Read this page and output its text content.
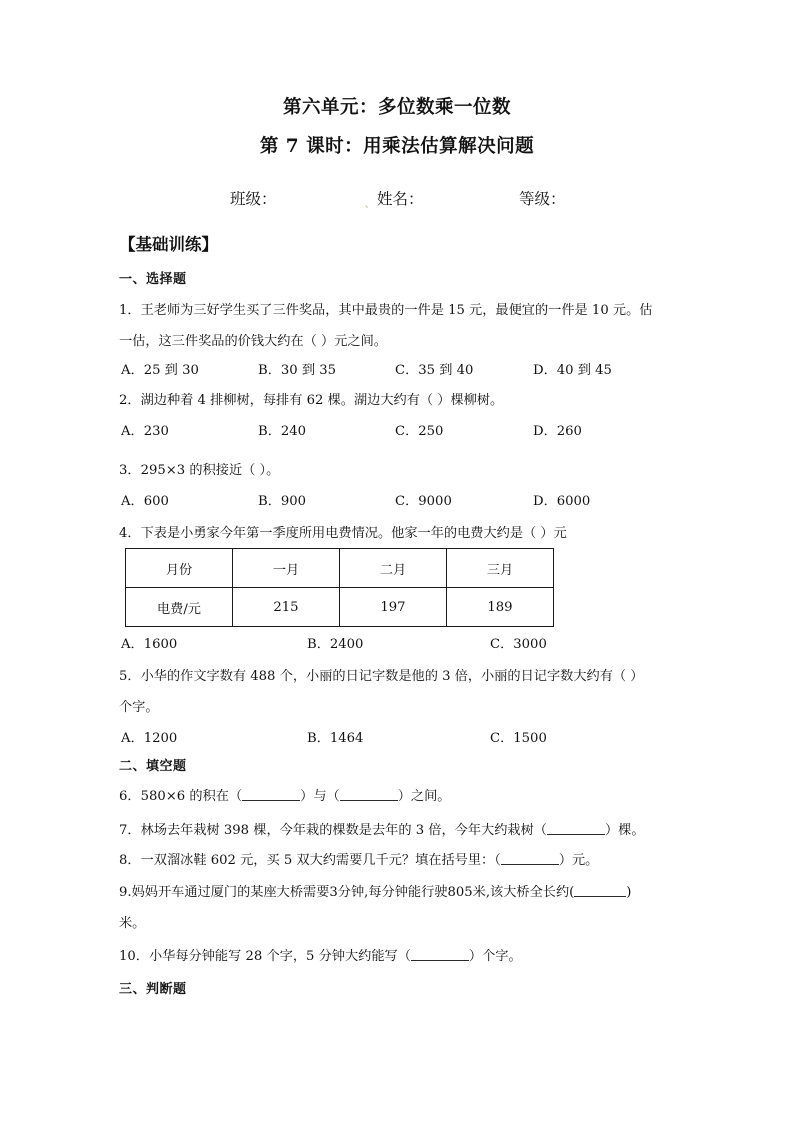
第六单元：多位数乘一位数
第 7 课时：用乘法估算解决问题
班级：	、 姓名：	等级：
【基础训练】
一、选择题
1．王老师为三好学生买了三件奖品，其中最贵的一件是 15 元，最便宜的一件是 10 元。估
一估，这三件奖品的价钱大约在（ ）元之间。
A．25 到 30	B．30 到 35	C．35 到 40	D．40 到 45
2．湖边种着 4 排柳树，每排有 62 棵。湖边大约有（ ）棵柳树。
A．230	B．240	C．250	D．260
3．295×3 的积接近（ ）。
A．600	B．900	C．9000	D．6000
4．下表是小勇家今年第一季度所用电费情况。他家一年的电费大约是（ ）元
月份	一月	二月	三月
电费/元	215	197	189
A．1600	B．2400	C．3000
5．小华的作文字数有 488 个，小丽的日记字数是他的 3 倍，小丽的日记字数大约有（ ）
个字。
A．1200	B．1464	C．1500
二、填空题
6．580×6 的积在（	）与（	）之间。
7．林场去年栽树 398 棵，今年栽的棵数是去年的 3 倍，今年大约栽树（	）棵。
8．一双溜冰鞋 602 元，买 5 双大约需要几千元？填在括号里：（	）元。
9.妈妈开车通过厦门的某座大桥需要3分钟,每分钟能行驶805米,该大桥全长约(	)
米。
10．小华每分钟能写 28 个字，5 分钟大约能写（	）个字。
三、判断题
